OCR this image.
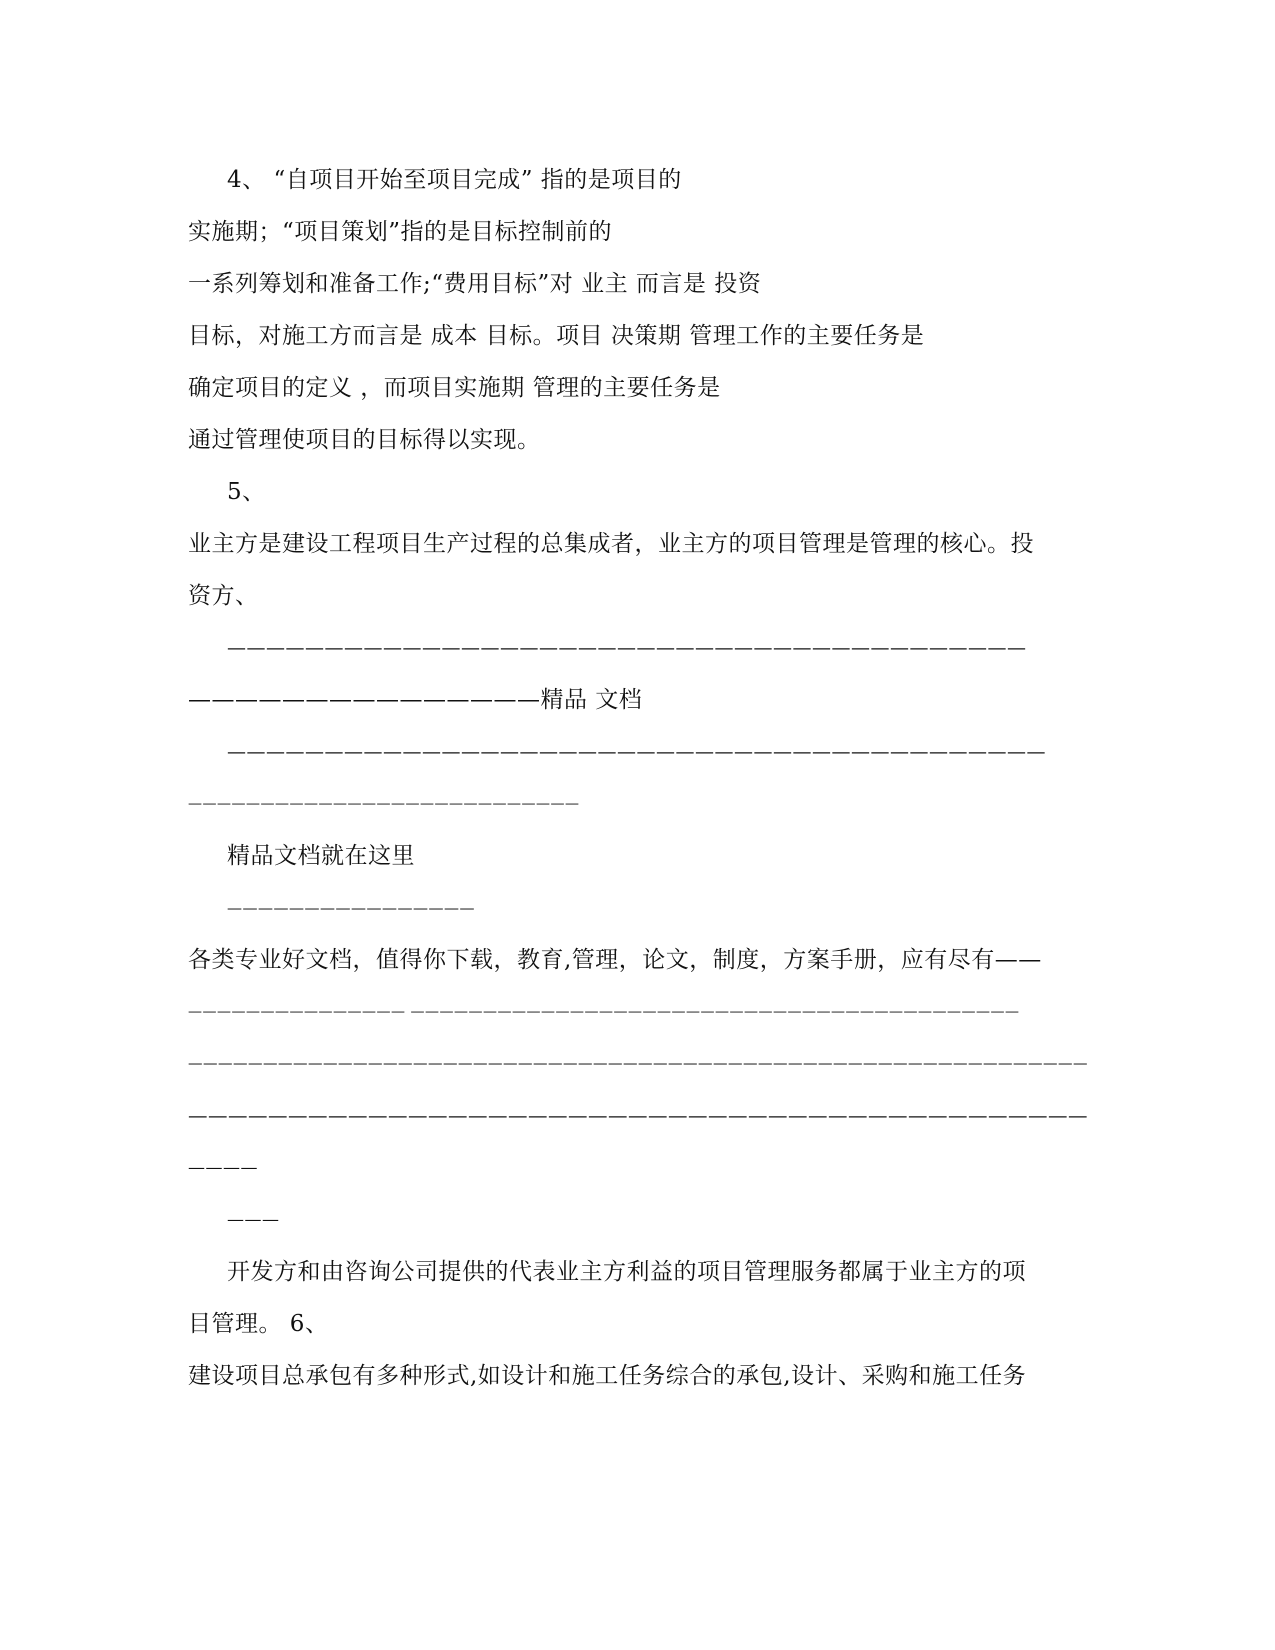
4、 “自项目开始至项目完成” 指的是项目的
实施期；“项目策划”指的是目标控制前的
一系列筹划和准备工作;“费用目标”对 业主 而言是 投资
目标，对施工方而言是 成本 目标。项目 决策期 管理工作的主要任务是
确定项目的定义 ，而项目实施期 管理的主要任务是
通过管理使项目的目标得以实现。
5、
业主方是建设工程项目生产过程的总集成者，业主方的项目管理是管理的核心。投
资方、
—————————————————————————————————————————
———————————————精品 文档
——————————————————————————————————————————
———————————————————————————
精品文档就在这里
————————————————
各类专业好文档，值得你下载，教育,管理，论文，制度，方案手册，应有尽有——
——————————————— ——————————————————————————————————————————
————————————————————————————————————————————————————————————
—————————————————————————————————————————————
————
———
开发方和由咨询公司提供的代表业主方利益的项目管理服务都属于业主方的项
目管理。 6、
建设项目总承包有多种形式,如设计和施工任务综合的承包,设计、采购和施工任务
